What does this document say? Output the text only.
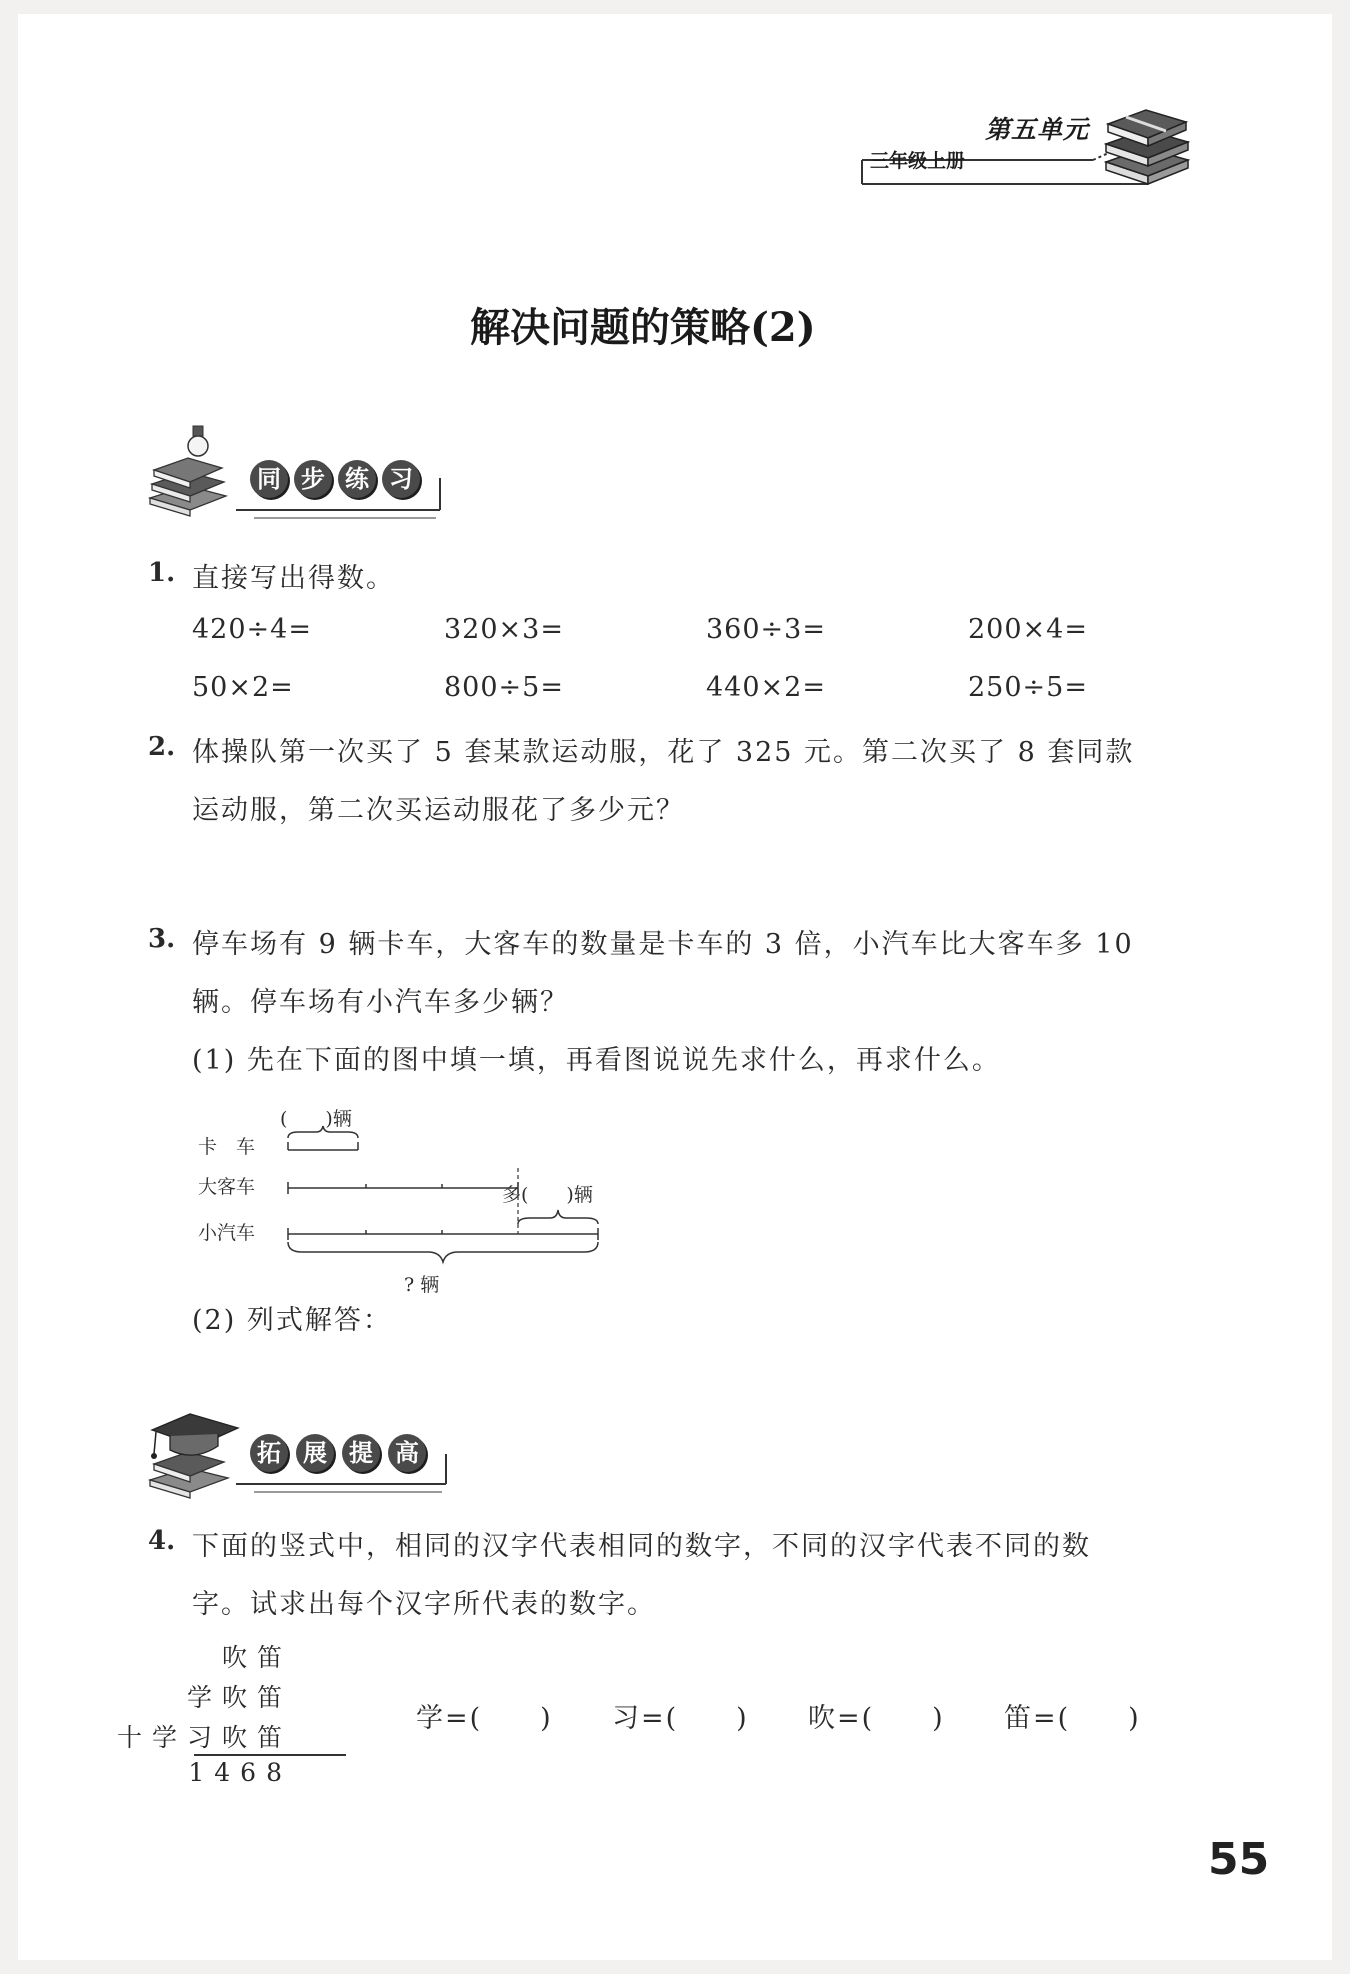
三年级上册
第五单元
解决问题的策略(2)
同 步 练 习
1. 直接写出得数。
420÷4=	320×3=	360÷3=	200×4=
50×2=	800÷5=	440×2=	250÷5=
2. 体操队第一次买了 5 套某款运动服，花了 325 元。第二次买了 8 套同款
运动服，第二次买运动服花了多少元？
3. 停车场有 9 辆卡车，大客车的数量是卡车的 3 倍，小汽车比大客车多 10
辆。停车场有小汽车多少辆？
(1) 先在下面的图中填一填，再看图说说先求什么，再求什么。
卡　车
大客车
小汽车
(　　)辆
多(　　)辆
? 辆
(2) 列式解答：
拓 展 提 高
4. 下面的竖式中，相同的汉字代表相同的数字，不同的汉字代表不同的数
字。试求出每个汉字所代表的数字。
吹笛
学吹笛
十学习吹笛
1468
学=(　　) 习=(　　) 吹=(　　) 笛=(　　)
55
